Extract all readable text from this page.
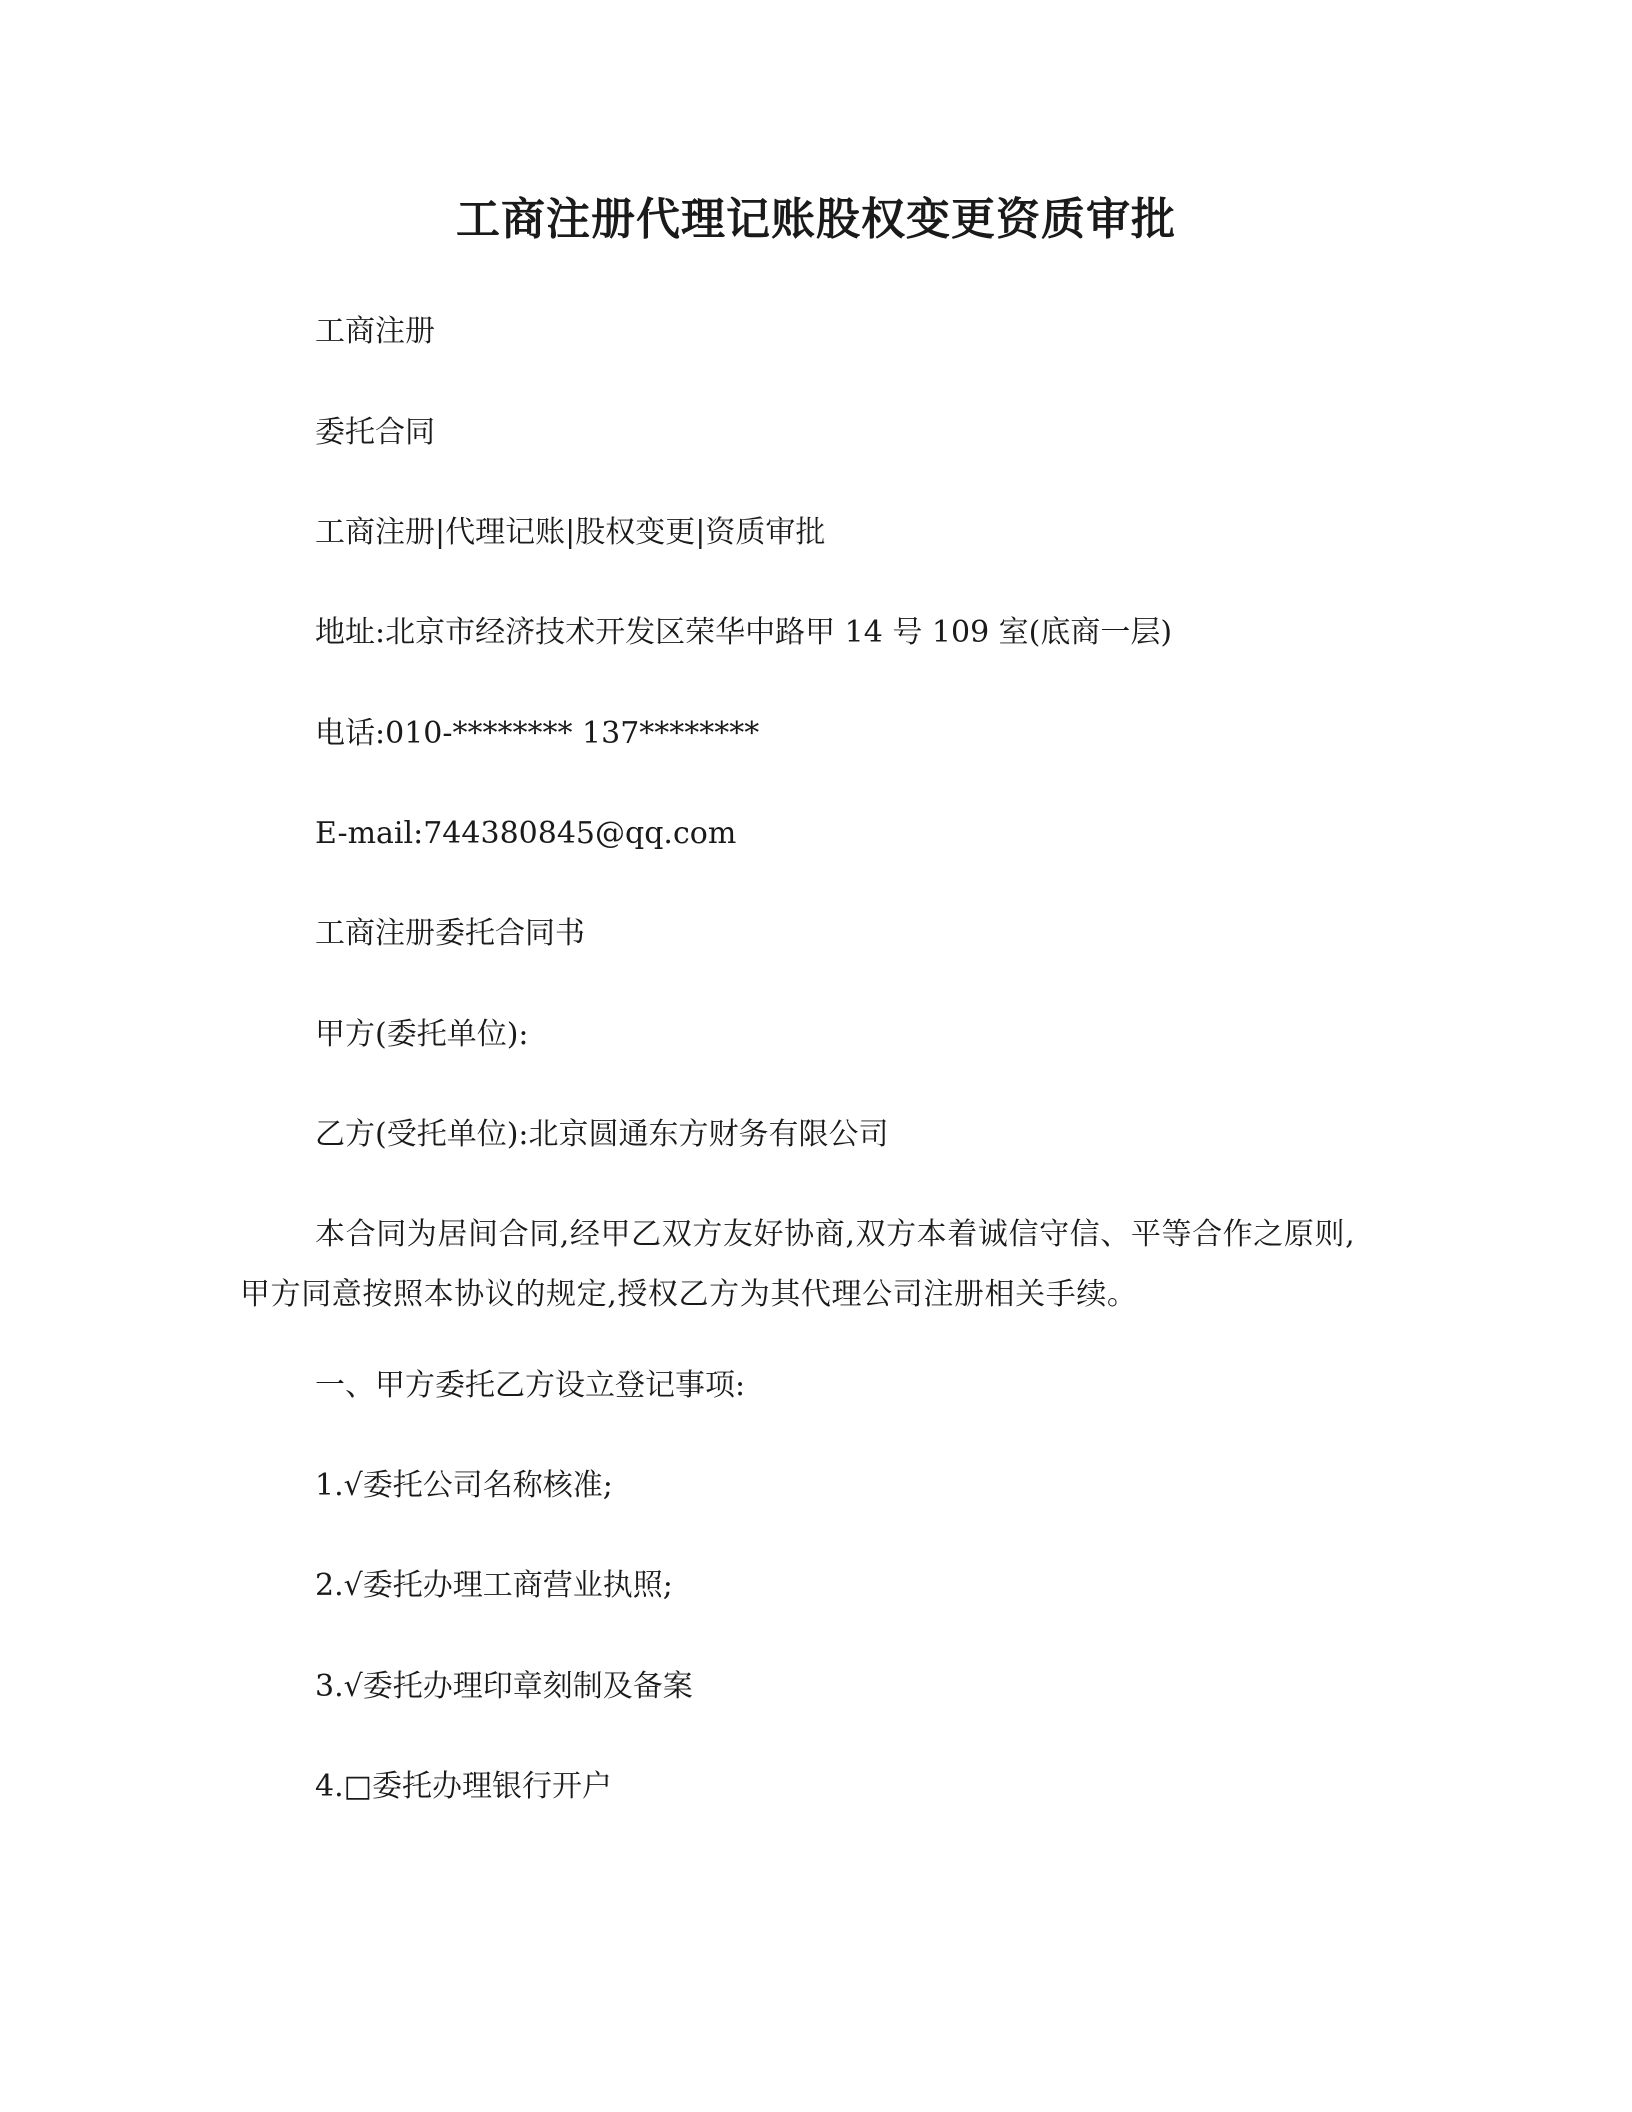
工商注册代理记账股权变更资质审批
工商注册
委托合同
工商注册|代理记账|股权变更|资质审批
地址:北京市经济技术开发区荣华中路甲 14 号 109 室(底商一层)
电话:010-******** 137********
E-mail:744380845@qq.com
工商注册委托合同书
甲方(委托单位):
乙方(受托单位):北京圆通东方财务有限公司
本合同为居间合同,经甲乙双方友好协商,双方本着诚信守信、平等合作之原则,甲方同意按照本协议的规定,授权乙方为其代理公司注册相关手续。
一、甲方委托乙方设立登记事项:
1.√委托公司名称核准;
2.√委托办理工商营业执照;
3.√委托办理印章刻制及备案
4.□委托办理银行开户
